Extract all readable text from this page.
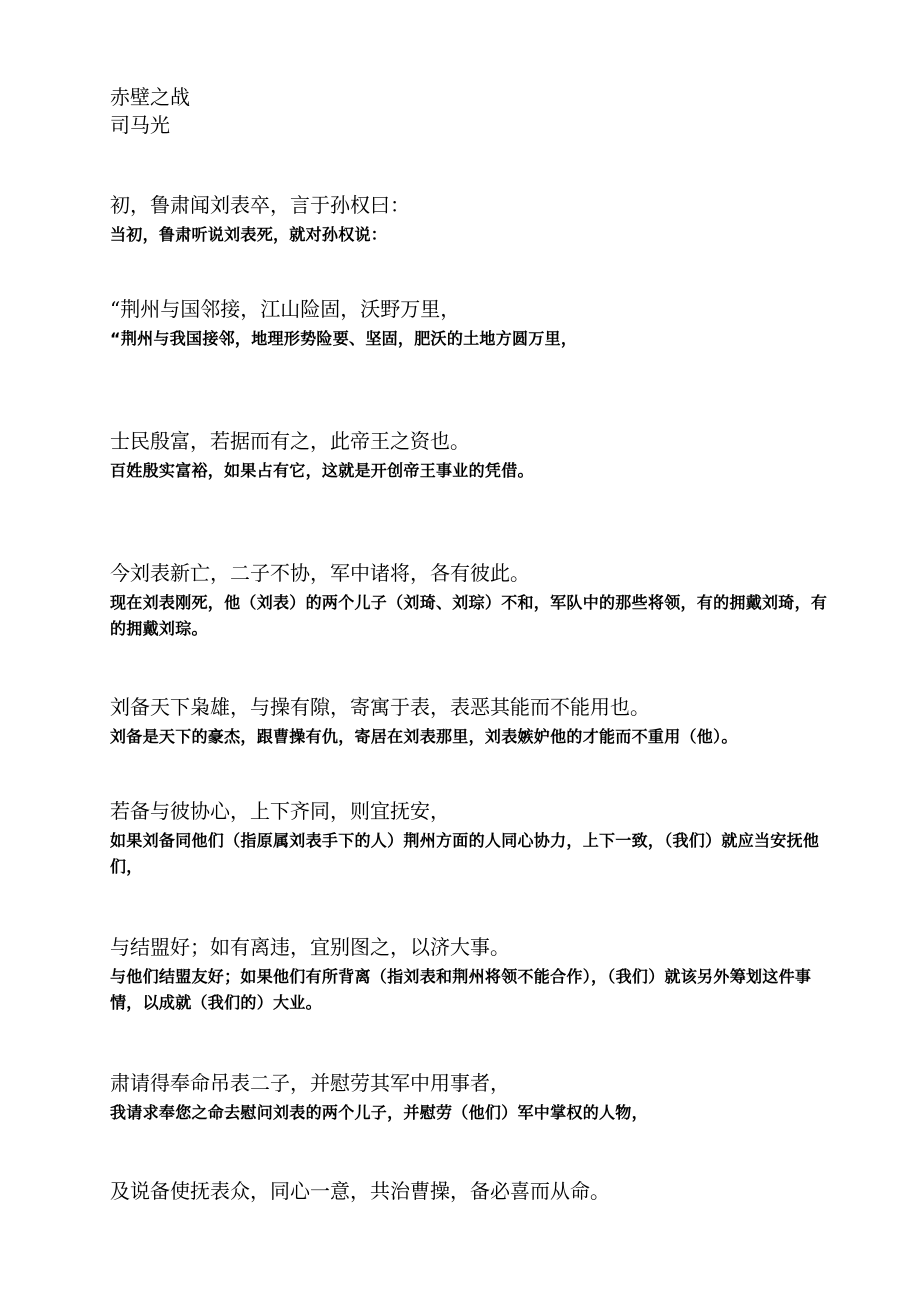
赤壁之战
司马光
初，鲁肃闻刘表卒，言于孙权曰：
当初，鲁肃听说刘表死，就对孙权说：
“荆州与国邻接，江山险固，沃野万里，
“荆州与我国接邻，地理形势险要、坚固，肥沃的土地方圆万里，
士民殷富，若据而有之，此帝王之资也。
百姓殷实富裕，如果占有它，这就是开创帝王事业的凭借。
今刘表新亡，二子不协，军中诸将，各有彼此。
现在刘表刚死，他（刘表）的两个儿子（刘琦、刘琮）不和，军队中的那些将领，有的拥戴刘琦，有的拥戴刘琮。
刘备天下枭雄，与操有隙，寄寓于表，表恶其能而不能用也。
刘备是天下的豪杰，跟曹操有仇，寄居在刘表那里，刘表嫉妒他的才能而不重用（他）。
若备与彼协心，上下齐同，则宜抚安，
如果刘备同他们（指原属刘表手下的人）荆州方面的人同心协力，上下一致，（我们）就应当安抚他们，
与结盟好；如有离违，宜别图之，以济大事。
与他们结盟友好；如果他们有所背离（指刘表和荆州将领不能合作），（我们）就该另外筹划这件事情，以成就（我们的）大业。
肃请得奉命吊表二子，并慰劳其军中用事者，
我请求奉您之命去慰问刘表的两个儿子，并慰劳（他们）军中掌权的人物，
及说备使抚表众，同心一意，共治曹操，备必喜而从命。
